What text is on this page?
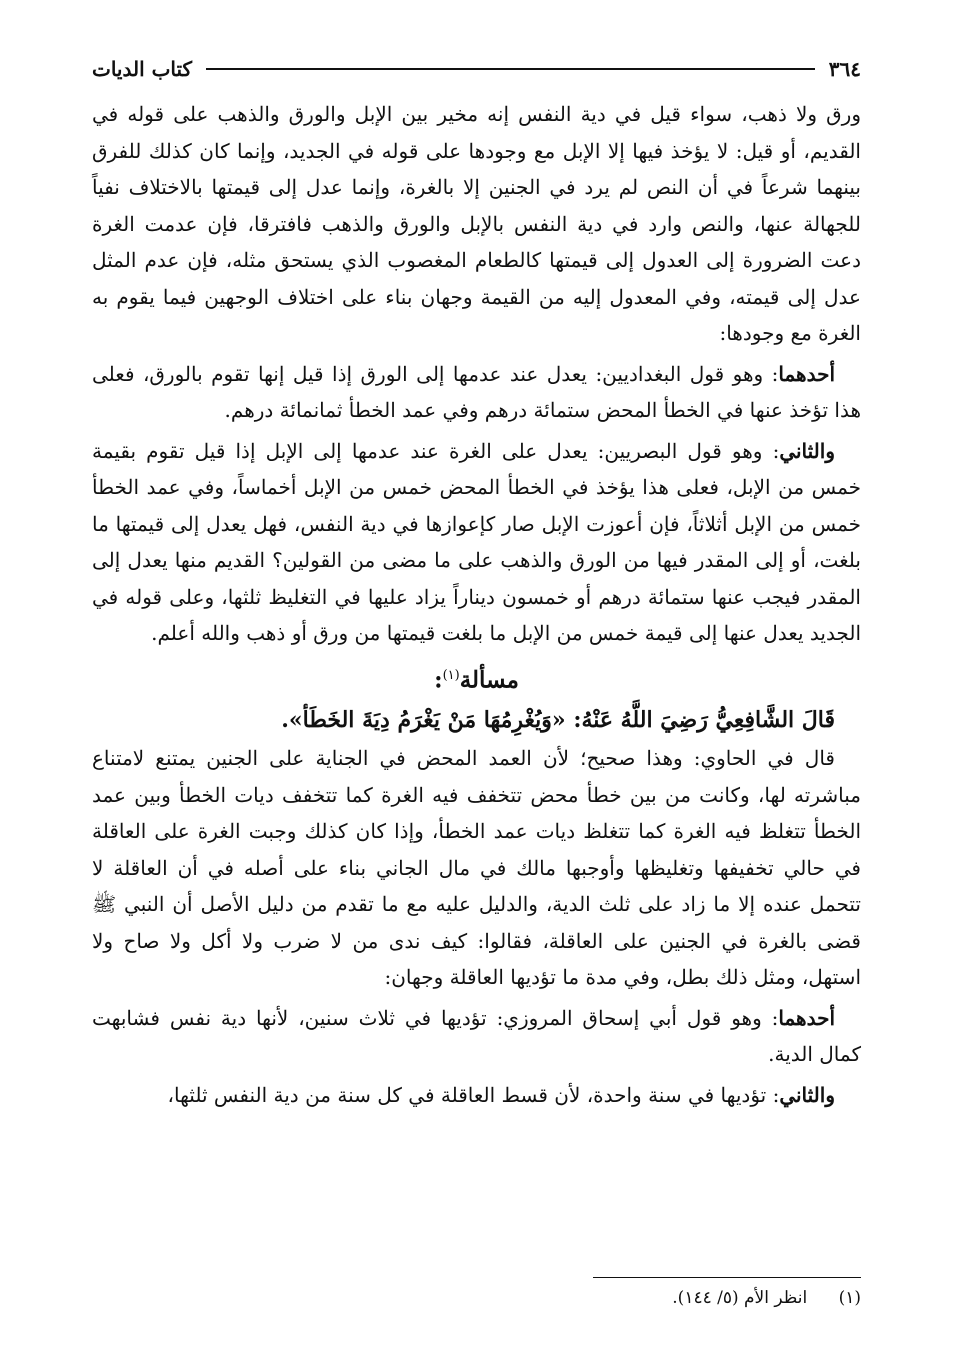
٣٦٤
كتاب الديات

ورق ولا ذهب، سواء قيل في دية النفس إنه مخير بين الإبل والورق والذهب على قوله في القديم، أو قيل: لا يؤخذ فيها إلا الإبل مع وجودها على قوله في الجديد، وإنما كان كذلك للفرق بينهما شرعاً في أن النص لم يرد في الجنين إلا بالغرة، وإنما عدل إلى قيمتها بالاختلاف نفياً للجهالة عنها، والنص وارد في دية النفس بالإبل والورق والذهب فافترقا، فإن عدمت الغرة دعت الضرورة إلى العدول إلى قيمتها كالطعام المغصوب الذي يستحق مثله، فإن عدم المثل عدل إلى قيمته، وفي المعدول إليه من القيمة وجهان بناء على اختلاف الوجهين فيما يقوم به الغرة مع وجودها:

أحدهما: وهو قول البغداديين: يعدل عند عدمها إلى الورق إذا قيل إنها تقوم بالورق، فعلى هذا تؤخذ عنها في الخطأ المحض ستمائة درهم وفي عمد الخطأ ثمانمائة درهم.

والثاني: وهو قول البصريين: يعدل على الغرة عند عدمها إلى الإبل إذا قيل تقوم بقيمة خمس من الإبل، فعلى هذا يؤخذ في الخطأ المحض خمس من الإبل أخماساً، وفي عمد الخطأ خمس من الإبل أثلاثاً، فإن أعوزت الإبل صار كإعوازها في دية النفس، فهل يعدل إلى قيمتها ما بلغت، أو إلى المقدر فيها من الورق والذهب على ما مضى من القولين؟ القديم منها يعدل إلى المقدر فيجب عنها ستمائة درهم أو خمسون ديناراً يزاد عليها في التغليظ ثلثها، وعلى قوله في الجديد يعدل عنها إلى قيمة خمس من الإبل ما بلغت قيمتها من ورق أو ذهب والله أعلم.

مسألة$^{(١)}$:

قَالَ الشَّافِعِيُّ رَضِيَ اللَّهُ عَنْهُ: «وَيُغْرِمُهَا مَنْ يَغْرَمُ دِيَةَ الخَطَأ».

قال في الحاوي: وهذا صحيح؛ لأن العمد المحض في الجناية على الجنين يمتنع لامتناع مباشرته لها، وكانت من بين خطأ محض تتخفف فيه الغرة كما تتخفف ديات الخطأ وبين عمد الخطأ تتغلظ فيه الغرة كما تتغلظ ديات عمد الخطأ، وإذا كان كذلك وجبت الغرة على العاقلة في حالي تخفيفها وتغليظها وأوجبها مالك في مال الجاني بناء على أصله في أن العاقلة لا تتحمل عنده إلا ما زاد على ثلث الدية، والدليل عليه مع ما تقدم من دليل الأصل أن النبي ﷺ قضى بالغرة في الجنين على العاقلة، فقالوا: كيف ندى من لا ضرب ولا أكل ولا صاح ولا استهل، ومثل ذلك بطل، وفي مدة ما تؤديها العاقلة وجهان:

أحدهما: وهو قول أبي إسحاق المروزي: تؤديها في ثلاث سنين، لأنها دية نفس فشابهت كمال الدية.

والثاني: تؤديها في سنة واحدة، لأن قسط العاقلة في كل سنة من دية النفس ثلثها،

(١) انظر الأم (٥/ ١٤٤).
